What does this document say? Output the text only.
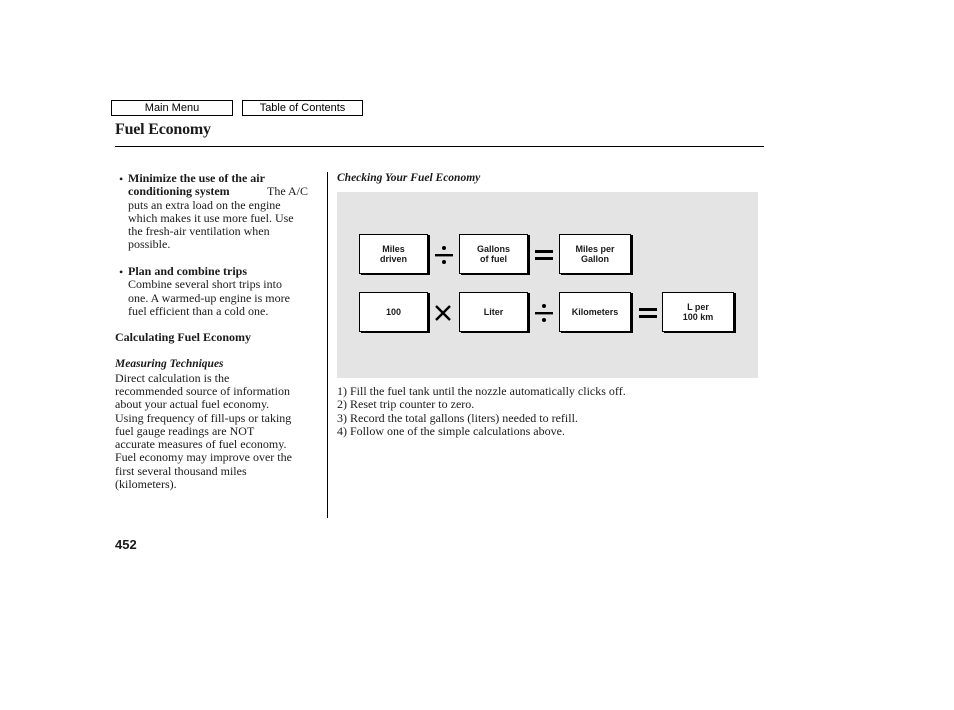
Main Menu	Table of Contents
Fuel Economy
• Minimize the use of the air
conditioning system	The A/C
puts an extra load on the engine
which makes it use more fuel. Use
the fresh-air ventilation when
possible.
• Plan and combine trips
Combine several short trips into
one. A warmed-up engine is more
fuel efficient than a cold one.
Calculating Fuel Economy
Measuring Techniques
Direct calculation is the
recommended source of information
about your actual fuel economy.
Using frequency of fill-ups or taking
fuel gauge readings are NOT
accurate measures of fuel economy.
Fuel economy may improve over the
first several thousand miles
(kilometers).
Checking Your Fuel Economy
Miles
driven
Gallons
of fuel
Miles per
Gallon
100	Liter	Kilometers	L per
100 km
1) Fill the fuel tank until the nozzle automatically clicks off.
2) Reset trip counter to zero.
3) Record the total gallons (liters) needed to refill.
4) Follow one of the simple calculations above.
452
